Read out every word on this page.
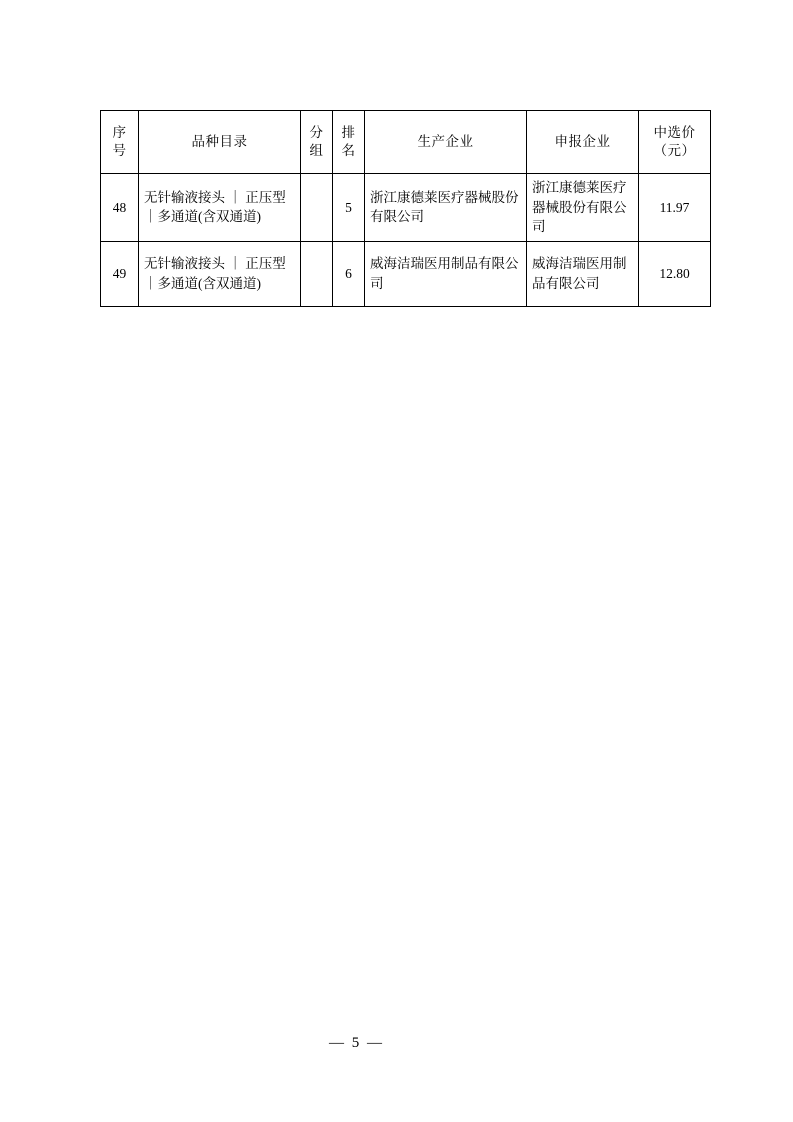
序号	品种目录	分组	排名	生产企业	申报企业	中选价
（元）

48	无针输液接头 ｜ 正压型｜多通道(含双通道)		5	浙江康德莱医疗器械股份有限公司	浙江康德莱医疗器械股份有限公司	11.97
49	无针输液接头 ｜ 正压型｜多通道(含双通道)		6	威海洁瑞医用制品有限公司	威海洁瑞医用制品有限公司	12.80
— 5 —
